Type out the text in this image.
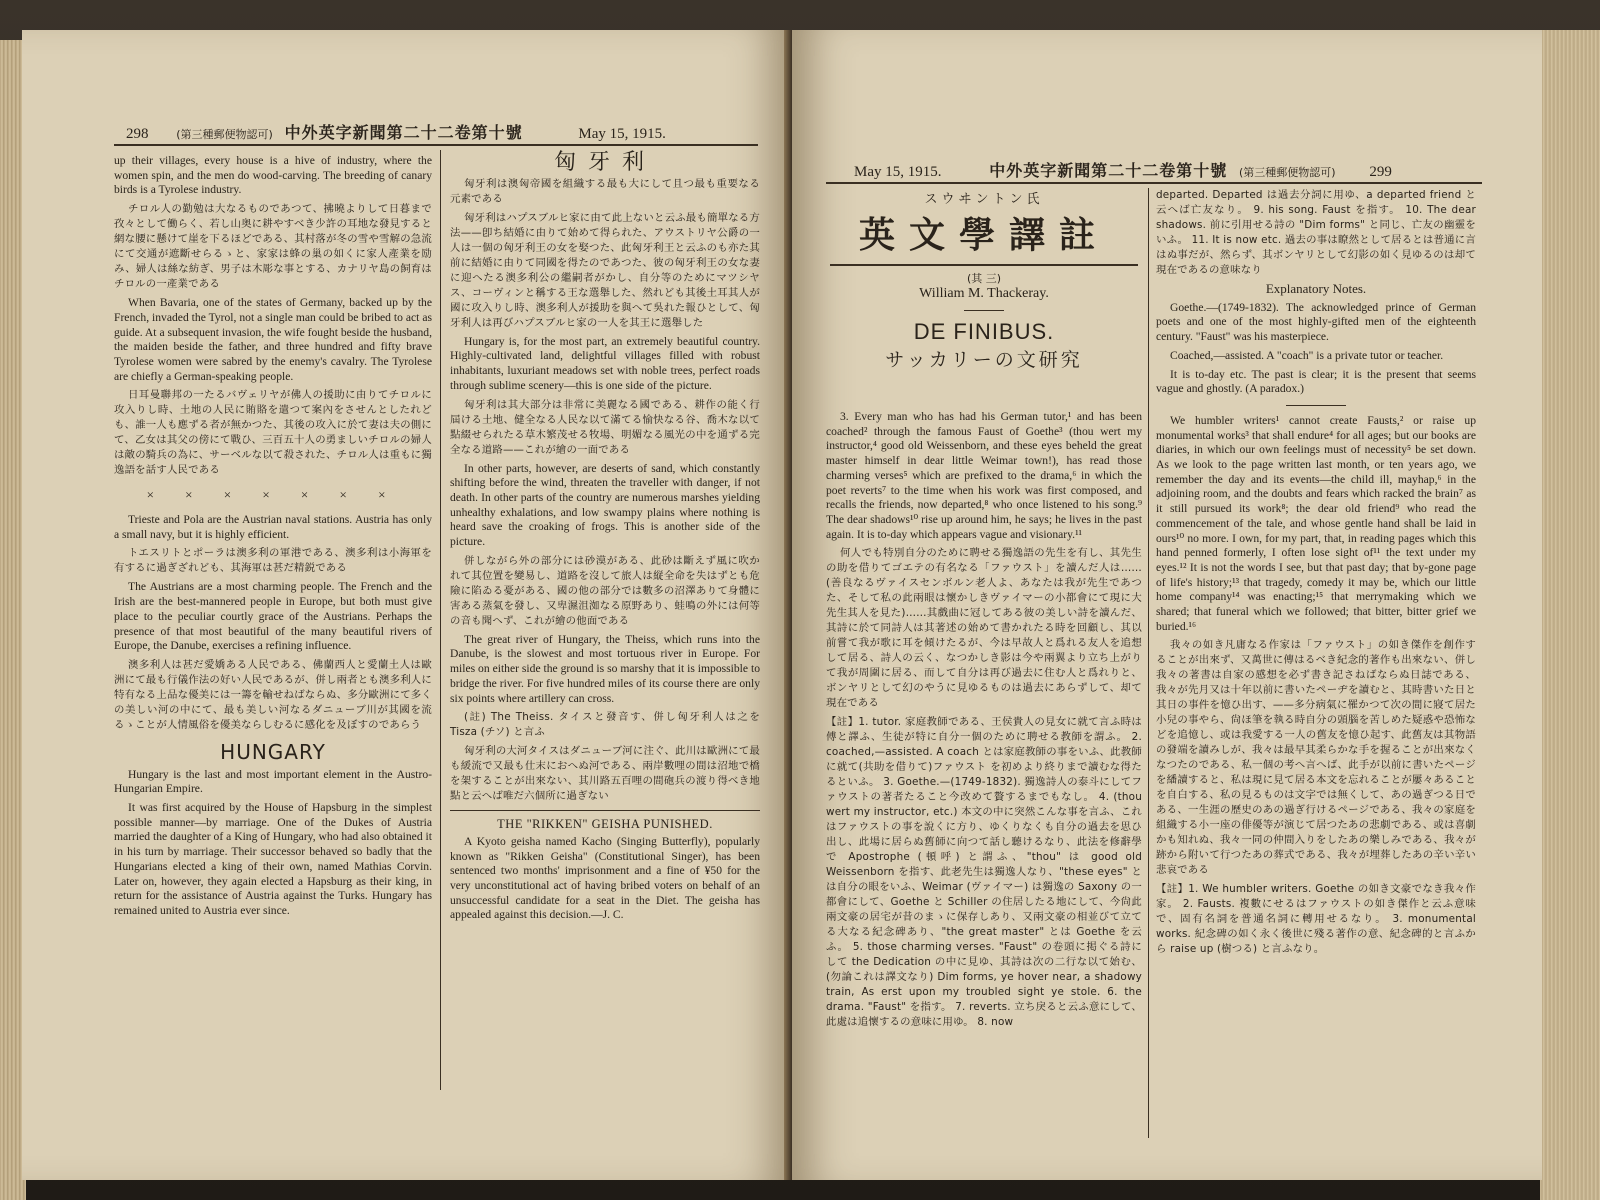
298	(第三種郵便物認可) 中外英字新聞第二十二卷第十號	May 15, 1915.

up their villages, every house is a hive of industry, where the women spin, and the men do wood-carving. The breeding of canary birds is a Tyrolese industry.

チロル人の勤勉は大なるものであつて、拂曉よりして日暮まで孜々として働らく、若し山奥に耕やすべき少許の耳地な發見すると網な腰に懸けて崖を下るほどである、其村落が冬の雪や雪解の急流にて交通が遮斷せらるゝと、家家は蜂の巢の如くに家人產業を励み、婦人は絲な紡ぎ、男子は木彫な事とする、カナリヤ島の飼育はチロルの一產業である

When Bavaria, one of the states of Germany, backed up by the French, invaded the Tyrol, not a single man could be bribed to act as guide. At a subsequent invasion, the wife fought beside the husband, the maiden beside the father, and three hundred and fifty brave Tyrolese women were sabred by the enemy's cavalry. The Tyrolese are chiefly a German-speaking people.

日耳曼聯邦の一たるバヴェリヤが佛人の援助に由りてチロルに攻入りし時、土地の人民に賄賂を遣つて案內をさせんとしたれども、誰一人も應ずる者が無かつた、其後の攻入に於て妻は夫の側にて、乙女は其父の傍にて戰ひ、三百五十人の勇ましいチロルの婦人は敵の騎兵の為に、サーベルな以て殺された、チロル人は重もに獨逸語を話す人民である

× × × × × × ×

Trieste and Pola are the Austrian naval stations. Austria has only a small navy, but it is highly efficient.

トエスリトとポーラは澳多利の軍港である、澳多利は小海軍を有するに過ぎざれども、其海軍は甚だ精鋭である

The Austrians are a most charming people. The French and the Irish are the best-mannered people in Europe, but both must give place to the peculiar courtly grace of the Austrians. Perhaps the presence of that most beautiful of the many beautiful rivers of Europe, the Danube, exercises a refining influence.

澳多利人は甚だ愛嬌ある人民である、佛蘭西人と愛蘭土人は歐洲にて最も行儀作法の好い人民であるが、併し兩者とも澳多利人に特有なる上品な優美には一籌を輸せねばならぬ、多分歐洲にて多くの美しい河の中にて、最も美しい河なるダニューブ川が其國を流るゝことが人情風俗を優美ならしむるに感化を及ぼすのであらう

HUNGARY

Hungary is the last and most important element in the Austro-Hungarian Empire.

It was first acquired by the House of Hapsburg in the simplest possible manner—by marriage. One of the Dukes of Austria married the daughter of a King of Hungary, who had also obtained it in his turn by marriage. Their successor behaved so badly that the Hungarians elected a king of their own, named Mathias Corvin. Later on, however, they again elected a Hapsburg as their king, in return for the assistance of Austria against the Turks. Hungary has remained united to Austria ever since.

匈牙利

匈牙利は澳匈帝國を組織する最も大にして且つ最も重要なる元素である

匈牙利はハプスブルヒ家に由て此上ないと云ふ最も簡單なる方法——卽ち結婚に由りて始めて得られた、アウストリヤ公爵の一人は一個の匈牙利王の女を娶つた、此匈牙利王と云ふのも亦た其前に結婚に由りて同國を得たのであつた、彼の匈牙利王の女な妻に迎へたる澳多利公の繼嗣者がかし、自分等のためにマツシヤス、コーヴィンと稱する王な選舉した、然れども其後土耳其人が國に攻入りし時、澳多利人が援助を與へて吳れた報ひとして、匈牙利人は再びハプスブルヒ家の一人を其王に選舉した

Hungary is, for the most part, an extremely beautiful country. Highly-cultivated land, delightful villages filled with robust inhabitants, luxuriant meadows set with noble trees, perfect roads through sublime scenery—this is one side of the picture.

匈牙利は其大部分は非常に美麗なる國である、耕作の能く行屆ける土地、健全なる人民な以て滿てる愉快なる谷、喬木な以て點綴せられたる草木繁茂せる牧場、明媚なる風光の中を通ずる完全なる道路——これが繪の一面である

In other parts, however, are deserts of sand, which constantly shifting before the wind, threaten the traveller with danger, if not death. In other parts of the country are numerous marshes yielding unhealthy exhalations, and low swampy plains where nothing is heard save the croaking of frogs. This is another side of the picture.

併しながら外の部分には砂漠がある、此砂は斷えず風に吹かれて其位置を變易し、道路を沒して旅人は縦全命を失はずとも危險に陷ゐる憂がある、國の他の部分では數多の沼澤ありて身體に害ある蒸氣を發し、又卑濕沮洳なる原野あり、蛙鳴の外には何等の音も聞へず、これが繪の他面である

The great river of Hungary, the Theiss, which runs into the Danube, is the slowest and most tortuous river in Europe. For miles on either side the ground is so marshy that it is impossible to bridge the river. For five hundred miles of its course there are only six points where artillery can cross.

(註) The Theiss. タイスと發音す、併し匈牙利人は之を Tisza (チソ) と言ふ

匈牙利の大河タイスはダニューブ河に注ぐ、此川は歐洲にて最も緩流で又最も仕末におへぬ河である、兩岸數哩の間は沼地で橋を架することが出來ない、其川路五百哩の間砲兵の渡り得べき地點と云へば唯だ六個所に過ぎない

THE "RIKKEN" GEISHA PUNISHED.

A Kyoto geisha named Kacho (Singing Butterfly), popularly known as "Rikken Geisha" (Constitutional Singer), has been sentenced two months' imprisonment and a fine of ¥50 for the very unconstitutional act of having bribed voters on behalf of an unsuccessful candidate for a seat in the Diet. The geisha has appealed against this decision.—J. C.

May 15, 1915.	中外英字新聞第二十二卷第十號 (第三種郵便物認可) 299
スウヰントン氏
英文學譯註
(其 三)
William M. Thackeray.
DE FINIBUS.
サッカリーの文研究

3. Every man who has had his German tutor,¹ and has been coached² through the famous Faust of Goethe³ (thou wert my instructor,⁴ good old Weissenborn, and these eyes beheld the great master himself in dear little Weimar town!), has read those charming verses⁵ which are prefixed to the drama,⁶ in which the poet reverts⁷ to the time when his work was first composed, and recalls the friends, now departed,⁸ who once listened to his song.⁹ The dear shadows¹⁰ rise up around him, he says; he lives in the past again. It is to-day which appears vague and visionary.¹¹

何人でも特別自分のために聘せる獨逸語の先生を有し、其先生の助を借りてゴエテの有名なる「ファウスト」を讀んだ人は……(善良なるヴァイスセンボルン老人よ、あなたは我が先生であつた、そして私の此兩眼は懷かしきヴァイマーの小都會にて現に大先生其人を見た)……其戲曲に冠してある彼の美しい詩を讀んだ、其詩に於て同詩人は其著述の始めて書かれたる時を回顧し、其以前嘗て我が歌に耳を傾けたるが、今は早故人と爲れる友人を追想して居る、詩人の云く、なつかしき影は今や兩翼より立ち上がりて我が周圍に居る、而して自分は再び過去に住む人と爲れりと、ボンヤリとして幻のやうに見ゆるものは過去にあらずして、却て現在である

【註】1. tutor. 家庭教師である、王侯貴人の見女に就て言ふ時は傅と譯ふ、生徒が特に自分一個のために聘せる教師を謂ふ。 2. coached,—assisted. A coach とは家庭教師の事をいふ、此教師に就て(共助を借りて)ファウスト を初めより終りまで讀むな得たるといふ。 3. Goethe.—(1749-1832). 獨逸詩人の泰斗にしてファウストの著者たること今改めて贅するまでもなし。 4. (thou wert my instructor, etc.) 本文の中に突然こんな事を言ふ、これはファウストの事を說くに方り、ゆくりなくも自分の過去を思ひ出し、此場に居らぬ舊師に向つて話し聽けるなり、此法を修辭學で Apostrophe (頓呼) と謂ふ、"thou" は good old Weissenborn を指す、此老先生は獨逸人なり、"these eyes" とは自分の眼をいふ、Weimar (ヴァイマー) は獨逸の Saxony の一都會にして、Goethe と Schiller の住居したる地にして、今尙此兩文豪の居宅が昔のまゝに保存しあり、又兩文豪の相並びて立てる大なる紀念碑あり、"the great master" とは Goethe を云ふ。 5. those charming verses. "Faust" の卷頭に掲ぐる詩にして the Dedication の中に見ゆ、其詩は次の二行な以て始む、(勿論これは譯文なり) Dim forms, ye hover near, a shadowy train, As erst upon my troubled sight ye stole. 6. the drama. "Faust" を指す。 7. reverts. 立ち戾ると云ふ意にして、此處は追懷するの意味に用ゆ。 8. now

departed. Departed は過去分詞に用ゆ、a departed friend と云へば亡友なり。 9. his song. Faust を指す。 10. The dear shadows. 前に引用せる詩の "Dim forms" と同じ、亡友の幽靈をいふ。 11. It is now etc. 過去の事は瞭然として居るとは普通に言はぬ事だが、然らず、其ボンヤリとして幻影の如く見ゆるのは却て現在であるの意味なり

Explanatory Notes.

Goethe.—(1749-1832). The acknowledged prince of German poets and one of the most highly-gifted men of the eighteenth century. "Faust" was his masterpiece.

Coached,—assisted. A "coach" is a private tutor or teacher.

It is to-day etc. The past is clear; it is the present that seems vague and ghostly. (A paradox.)

We humbler writers¹ cannot create Fausts,² or raise up monumental works³ that shall endure⁴ for all ages; but our books are diaries, in which our own feelings must of necessity⁵ be set down. As we look to the page written last month, or ten years ago, we remember the day and its events—the child ill, mayhap,⁶ in the adjoining room, and the doubts and fears which racked the brain⁷ as it still pursued its work⁸; the dear old friend⁹ who read the commencement of the tale, and whose gentle hand shall be laid in ours¹⁰ no more. I own, for my part, that, in reading pages which this hand penned formerly, I often lose sight of¹¹ the text under my eyes.¹² It is not the words I see, but that past day; that by-gone page of life's history;¹³ that tragedy, comedy it may be, which our little home company¹⁴ was enacting;¹⁵ that merrymaking which we shared; that funeral which we followed; that bitter, bitter grief we buried.¹⁶

我々の如き凡庸なる作家は「ファウスト」の如き傑作を創作することが出來ず、又萬世に傳はるべき紀念的著作も出來ない、併し我々の著書は自家の感想を必ず書き記さねばならぬ日誌である、我々が先月又は十年以前に書いたペーヂを讀むと、其時書いた日と其日の事件を憶ひ出す、——多分病氣に罹かつて次の間に寢て居た小兒の事やら、尙ほ筆を執る時自分の頭腦を苦しめた疑惑や恐怖などを追憶し、或は我愛する一人の舊友を憶ひ起す、此舊友は其物語の發端を讀みしが、我々は最早其柔らかな手を握ることが出來なくなつたのである、私一個の考へ言へば、此手が以前に書いたページを繙讀すると、私は現に見て居る本文を忘れることが屢々あることを自白する、私の見るものは文字では無くして、あの過ぎつる日である、一生涯の歷史のあの過ぎ行けるページである、我々の家庭を組織する小一座の俳優等が演じて居つたあの悲劇である、或は喜劇かも知れぬ、我々一同の仲間入りをしたあの樂しみである、我々が跡から附いて行つたあの葬式である、我々が埋葬したあの辛い辛い悲哀である

【註】1. We humbler writers. Goethe の如き文豪でなき我々作家。 2. Fausts. 複數にせるはファウストの如き傑作と云ふ意味で、固有名詞を普通名詞に轉用せるなり。 3. monumental works. 紀念碑の如く永く後世に殘る著作の意、紀念碑的と言ふから raise up (樹つる) と言ふなり。
